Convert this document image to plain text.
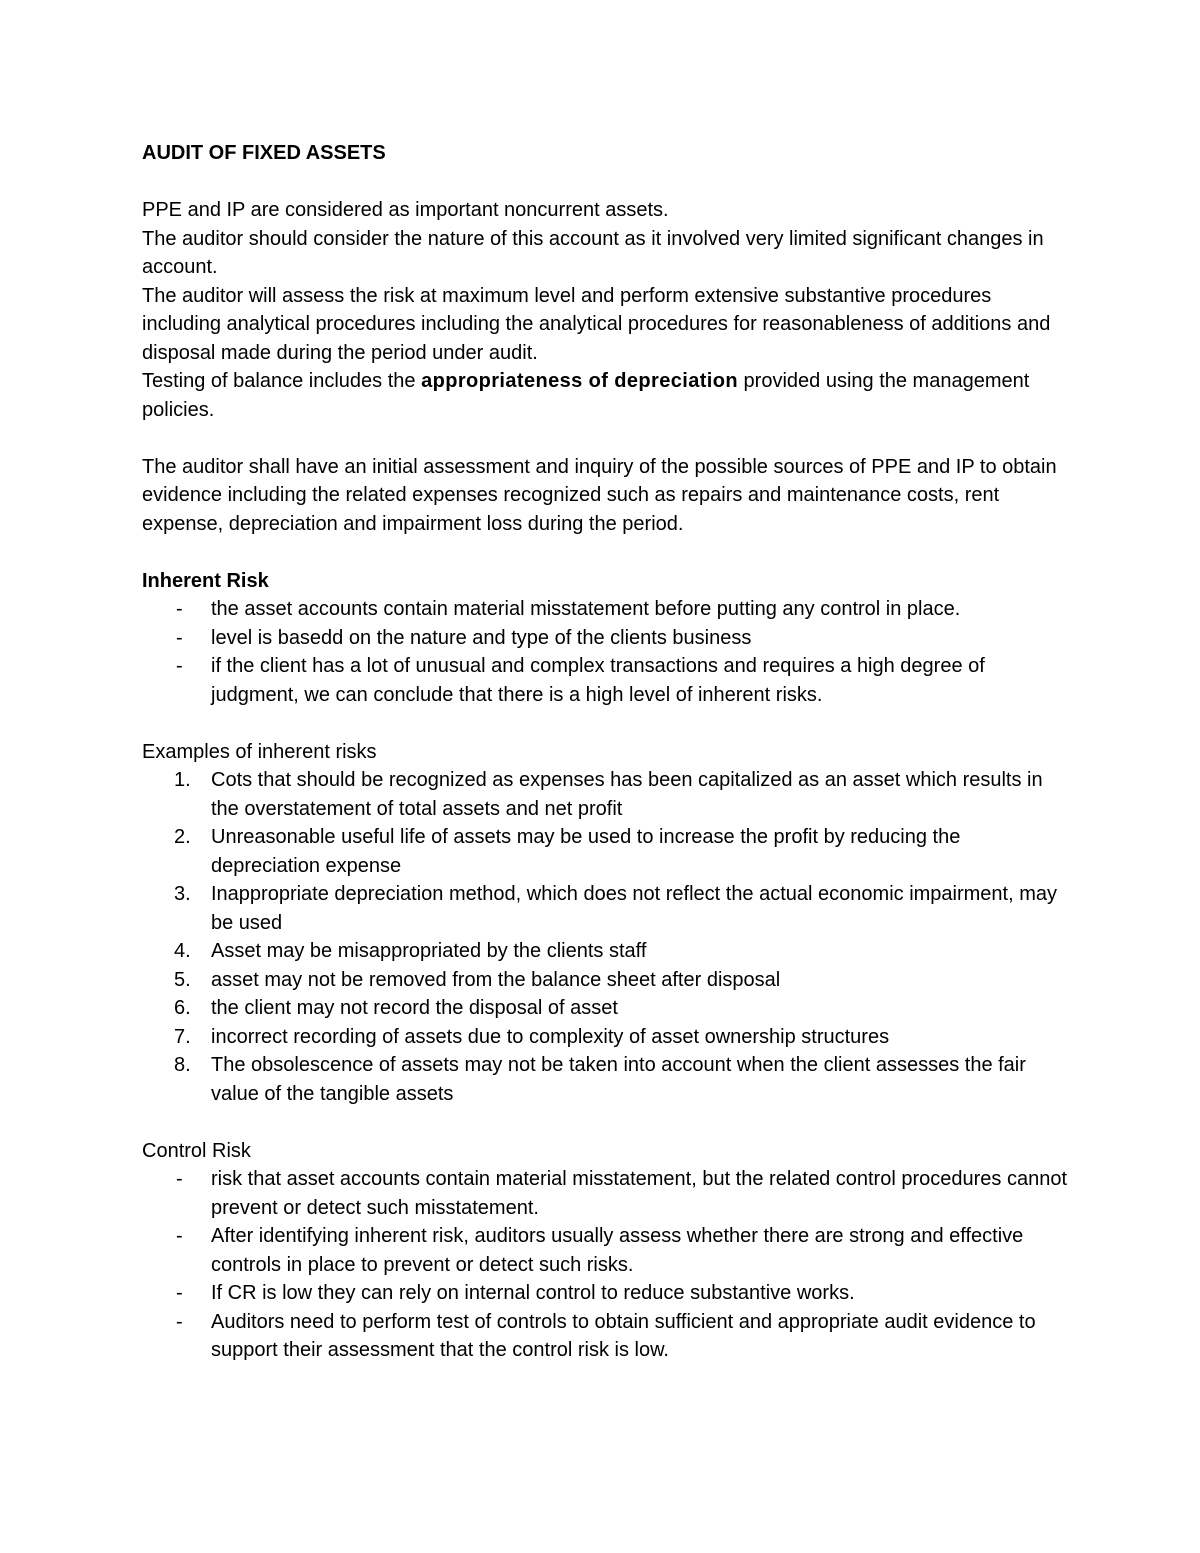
AUDIT OF FIXED ASSETS

PPE and IP are considered as important noncurrent assets.

The auditor should consider the nature of this account as it involved very limited significant changes in account.

The auditor will assess the risk at maximum level and perform extensive substantive procedures including analytical procedures including the analytical procedures for reasonableness of additions and disposal made during the period under audit.

Testing of balance includes the appropriateness of depreciation provided using the management policies.

The auditor shall have an initial assessment and inquiry of the possible sources of PPE and IP to obtain evidence including the related expenses recognized such as repairs and maintenance costs, rent expense, depreciation and impairment loss during the period.

Inherent Risk

- the asset accounts contain material misstatement before putting any control in place.
- level is basedd on the nature and type of the clients business
- if the client has a lot of unusual and complex transactions and requires a high degree of judgment, we can conclude that there is a high level of inherent risks.

Examples of inherent risks

1. Cots that should be recognized as expenses has been capitalized as an asset which results in the overstatement of total assets and net profit
2. Unreasonable useful life of assets may be used to increase the profit by reducing the depreciation expense
3. Inappropriate depreciation method, which does not reflect the actual economic impairment, may be used
4. Asset may be misappropriated by the clients staff
5. asset may not be removed from the balance sheet after disposal
6. the client may not record the disposal of asset
7. incorrect recording of assets due to complexity of asset ownership structures
8. The obsolescence of assets may not be taken into account when the client assesses the fair value of the tangible assets

Control Risk

- risk that asset accounts contain material misstatement, but the related control procedures cannot prevent or detect such misstatement.
- After identifying inherent risk, auditors usually assess whether there are strong and effective controls in place to prevent or detect such risks.
- If CR is low they can rely on internal control to reduce substantive works.
- Auditors need to perform test of controls to obtain sufficient and appropriate audit evidence to support their assessment that the control risk is low.
